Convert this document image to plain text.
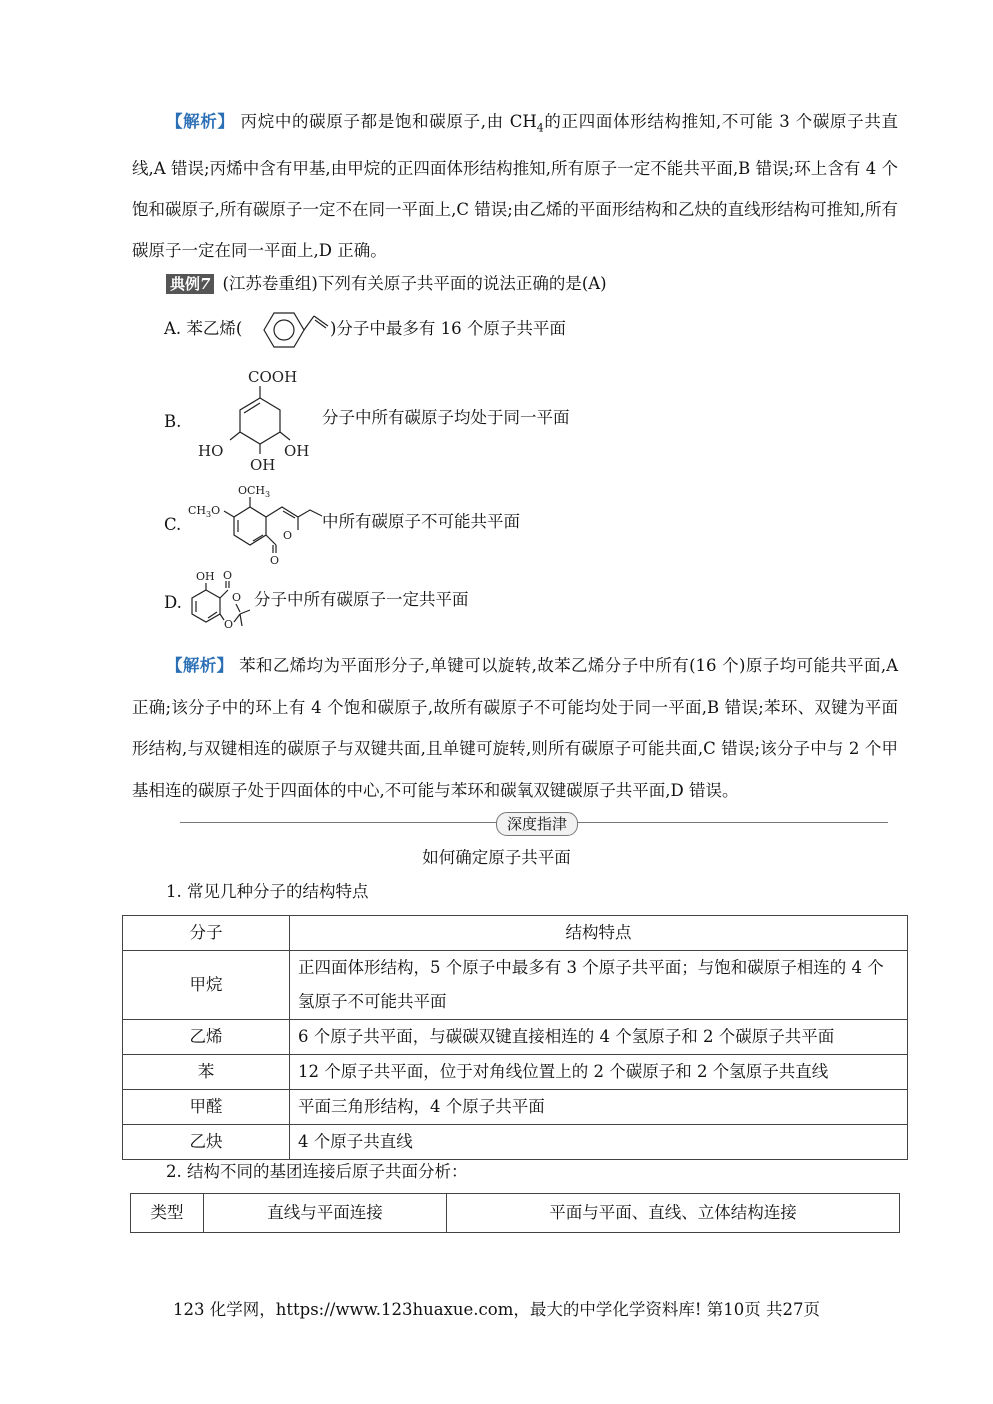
【解析】 丙烷中的碳原子都是饱和碳原子,由 $CH_4$的正四面体形结构推知,不可能 3 个碳原子共直线,A 错误;丙烯中含有甲基,由甲烷的正四面体形结构推知,所有原子一定不能共平面,B 错误;环上含有 4 个饱和碳原子,所有碳原子一定不在同一平面上,C 错误;由乙烯的平面形结构和乙炔的直线形结构可推知,所有碳原子一定在同一平面上,D 正确。
典例7 (江苏卷重组)下列有关原子共平面的说法正确的是(A)
A. 苯乙烯(	)分子中最多有 16 个原子共平面
B.
COOH
HO
OH
OH
分子中所有碳原子均处于同一平面
C.
$OCH_3$
$CH_3O$
O
O
中所有碳原子不可能共平面
D.
OH O
O
O
分子中所有碳原子一定共平面
【解析】 苯和乙烯均为平面形分子,单键可以旋转,故苯乙烯分子中所有(16 个)原子均可能共平面,A 正确;该分子中的环上有 4 个饱和碳原子,故所有碳原子不可能均处于同一平面,B 错误;苯环、双键为平面形结构,与双键相连的碳原子与双键共面,且单键可旋转,则所有碳原子可能共面,C 错误;该分子中与 2 个甲基相连的碳原子处于四面体的中心,不可能与苯环和碳氧双键碳原子共平面,D 错误。
深度指津
如何确定原子共平面
1. 常见几种分子的结构特点
分子	结构特点
甲烷	正四面体形结构，5 个原子中最多有 3 个原子共平面；与饱和碳原子相连的 4 个氢原子不可能共平面
乙烯	6 个原子共平面，与碳碳双键直接相连的 4 个氢原子和 2 个碳原子共平面
苯	12 个原子共平面，位于对角线位置上的 2 个碳原子和 2 个氢原子共直线
甲醛	平面三角形结构，4 个原子共平面
乙炔	4 个原子共直线
2. 结构不同的基团连接后原子共面分析：
类型	直线与平面连接	平面与平面、直线、立体结构连接
123 化学网，https://www.123huaxue.com，最大的中学化学资料库! 第10页 共27页
